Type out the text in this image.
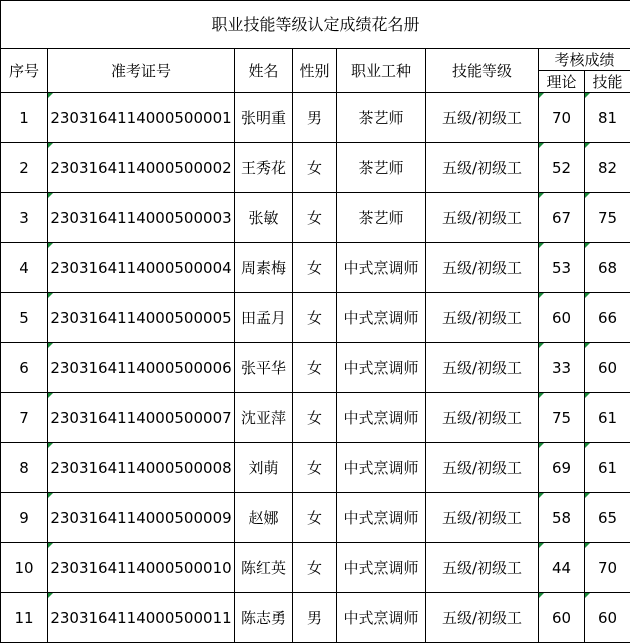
职业技能等级认定成绩花名册							
序号	准考证号	姓名	性别	职业工种	技能等级	考核成绩	
						理论	技能
1	2303164114000500001	张明重	男	茶艺师	五级/初级工	70	81
2	2303164114000500002	王秀花	女	茶艺师	五级/初级工	52	82
3	2303164114000500003	张敏	女	茶艺师	五级/初级工	67	75
4	2303164114000500004	周素梅	女	中式烹调师	五级/初级工	53	68
5	2303164114000500005	田孟月	女	中式烹调师	五级/初级工	60	66
6	2303164114000500006	张平华	女	中式烹调师	五级/初级工	33	60
7	2303164114000500007	沈亚萍	女	中式烹调师	五级/初级工	75	61
8	2303164114000500008	刘萌	女	中式烹调师	五级/初级工	69	61
9	2303164114000500009	赵娜	女	中式烹调师	五级/初级工	58	65
10	2303164114000500010	陈红英	女	中式烹调师	五级/初级工	44	70
11	2303164114000500011	陈志勇	男	中式烹调师	五级/初级工	60	60
